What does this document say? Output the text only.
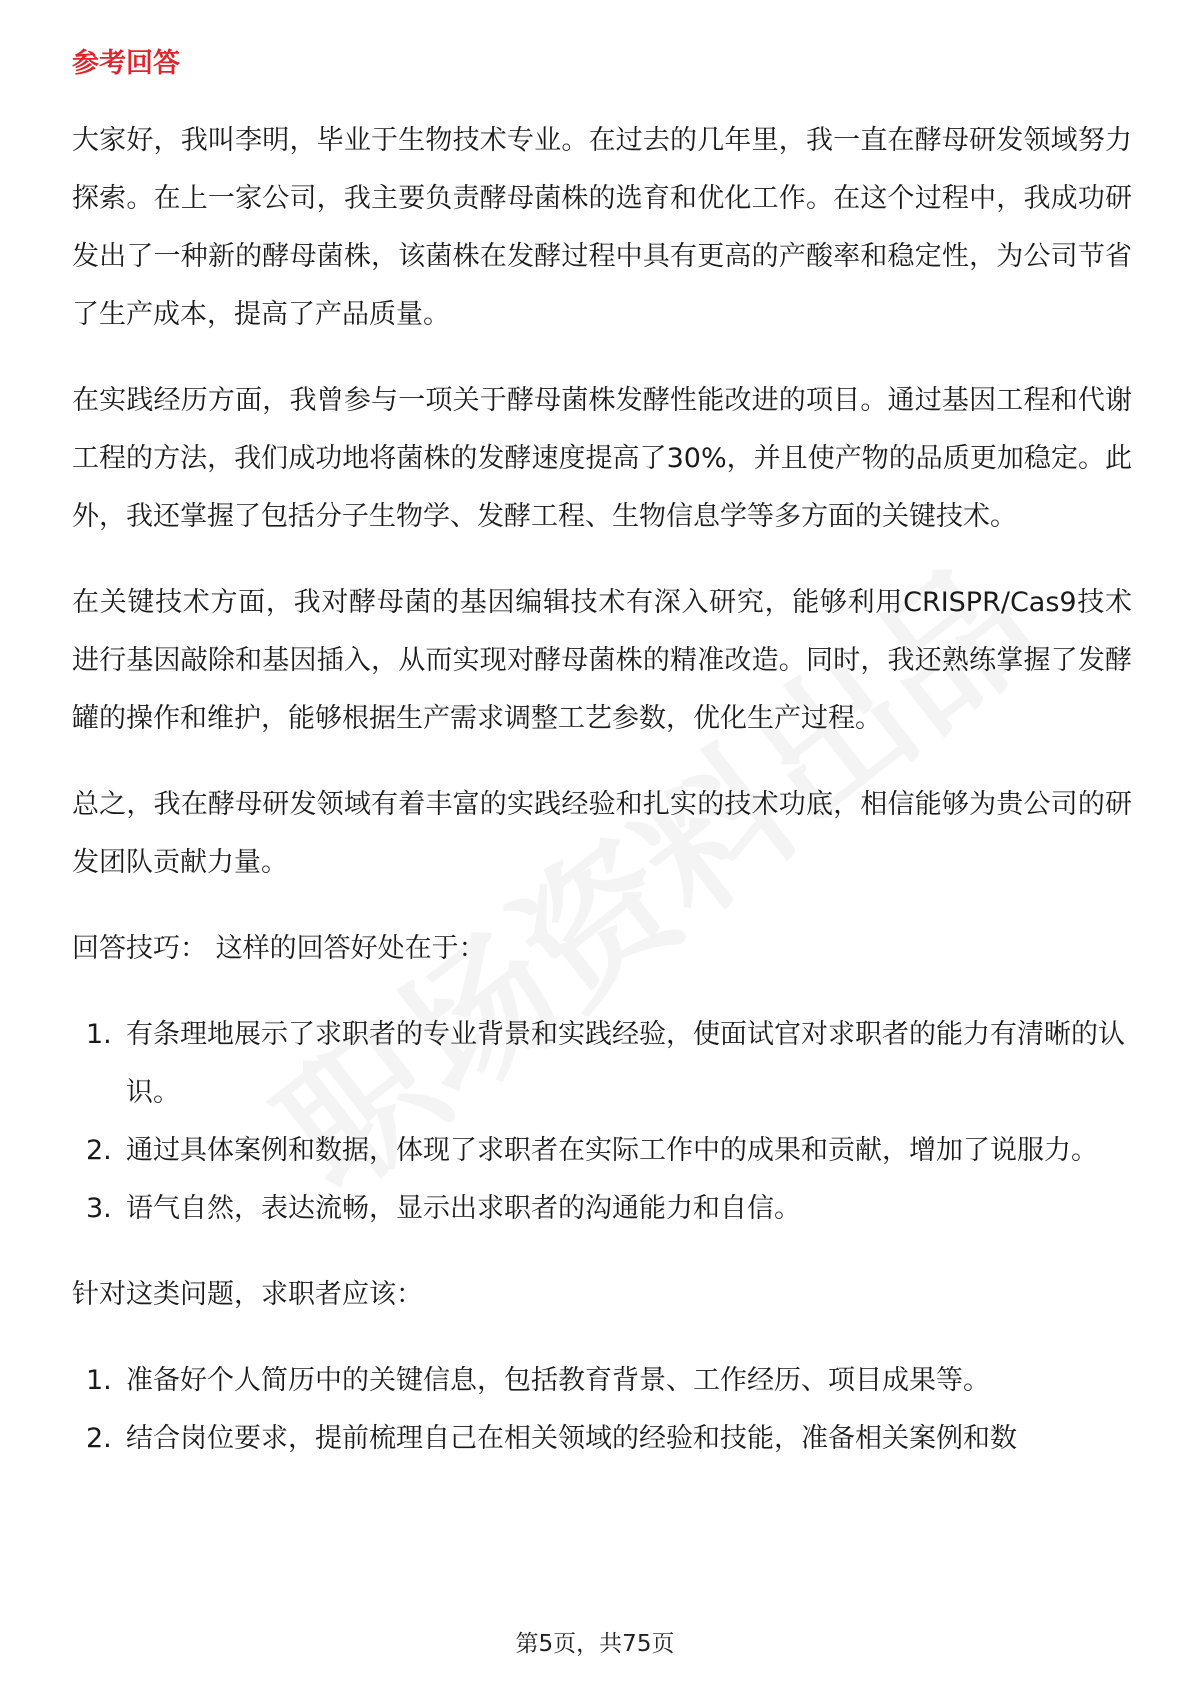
参考回答

大家好，我叫李明，毕业于生物技术专业。在过去的几年里，我一直在酵母研发领域努力探索。在上一家公司，我主要负责酵母菌株的选育和优化工作。在这个过程中，我成功研发出了一种新的酵母菌株，该菌株在发酵过程中具有更高的产酸率和稳定性，为公司节省了生产成本，提高了产品质量。

在实践经历方面，我曾参与一项关于酵母菌株发酵性能改进的项目。通过基因工程和代谢工程的方法，我们成功地将菌株的发酵速度提高了30%，并且使产物的品质更加稳定。此外，我还掌握了包括分子生物学、发酵工程、生物信息学等多方面的关键技术。

在关键技术方面，我对酵母菌的基因编辑技术有深入研究，能够利用CRISPR/Cas9技术进行基因敲除和基因插入，从而实现对酵母菌株的精准改造。同时，我还熟练掌握了发酵罐的操作和维护，能够根据生产需求调整工艺参数，优化生产过程。

总之，我在酵母研发领域有着丰富的实践经验和扎实的技术功底，相信能够为贵公司的研发团队贡献力量。

回答技巧： 这样的回答好处在于：
1. 有条理地展示了求职者的专业背景和实践经验，使面试官对求职者的能力有清晰的认识。
2. 通过具体案例和数据，体现了求职者在实际工作中的成果和贡献，增加了说服力。
3. 语气自然，表达流畅，显示出求职者的沟通能力和自信。
针对这类问题，求职者应该：
1. 准备好个人简历中的关键信息，包括教育背景、工作经历、项目成果等。
2. 结合岗位要求，提前梳理自己在相关领域的经验和技能，准备相关案例和数
第5页，共75页
